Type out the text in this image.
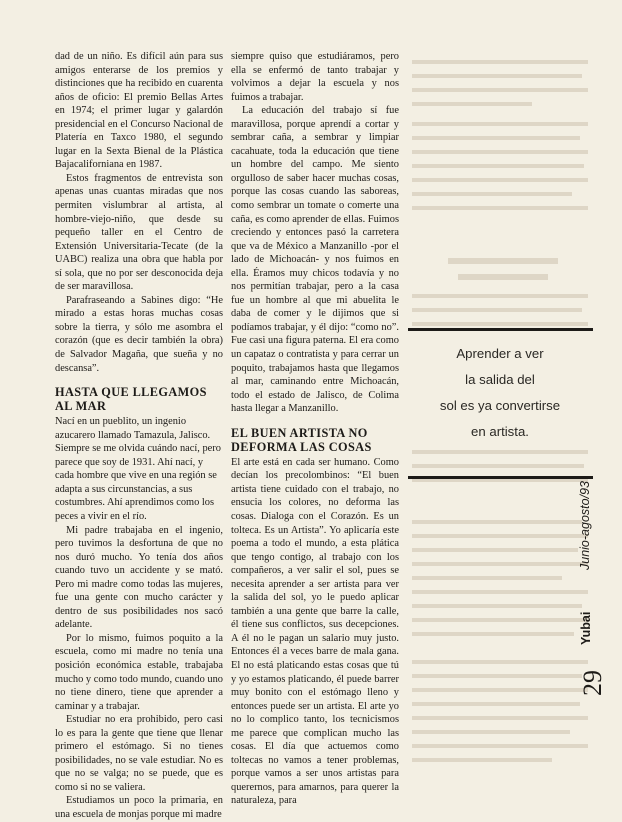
dad de un niño. Es difícil aún para sus amigos enterarse de los premios y distinciones que ha recibido en cuarenta años de oficio: El premio Bellas Artes en 1974; el primer lugar y galardón presidencial en el Concurso Nacional de Platería en Taxco 1980, el segundo lugar en la Sexta Bienal de la Plástica Bajacaliforniana en 1987.

Estos fragmentos de entrevista son apenas unas cuantas miradas que nos permiten vislumbrar al artista, al hombre-viejo-niño, que desde su pequeño taller en el Centro de Extensión Universitaria-Tecate (de la UABC) realiza una obra que habla por sí sola, que no por ser desconocida deja de ser maravillosa.

Parafraseando a Sabines digo: “He mirado a estas horas muchas cosas sobre la tierra, y sólo me asombra el corazón (que es decir también la obra) de Salvador Magaña, que sueña y no descansa”.

HASTA QUE LLEGAMOS AL MAR

Nací en un pueblito, un ingenio azucarero llamado Tamazula, Jalisco. Siempre se me olvida cuándo nací, pero parece que soy de 1931. Ahí nací, y cada hombre que vive en una región se adapta a sus circunstancias, a sus costumbres. Ahí aprendimos como los peces a vivir en el río.

Mi padre trabajaba en el ingenio, pero tuvimos la desfortuna de que no nos duró mucho. Yo tenía dos años cuando tuvo un accidente y se mató. Pero mi madre como todas las mujeres, fue una gente con mucho carácter y dentro de sus posibilidades nos sacó adelante.

Por lo mismo, fuimos poquito a la escuela, como mi madre no tenía una posición económica estable, trabajaba mucho y como todo mundo, cuando uno no tiene dinero, tiene que aprender a caminar y a trabajar.

Estudiar no era prohibido, pero casi lo es para la gente que tiene que llenar primero el estómago. Si no tienes posibilidades, no se vale estudiar. No es que no se valga; no se puede, que es como si no se valiera.

Estudiamos un poco la primaria, en una escuela de monjas porque mi madre

siempre quiso que estudiáramos, pero ella se enfermó de tanto trabajar y volvimos a dejar la escuela y nos fuimos a trabajar.

La educación del trabajo sí fue maravillosa, porque aprendí a cortar y sembrar caña, a sembrar y limpiar cacahuate, toda la educación que tiene un hombre del campo. Me siento orgulloso de saber hacer muchas cosas, porque las cosas cuando las saboreas, como sembrar un tomate o comerte una caña, es como aprender de ellas. Fuimos creciendo y entonces pasó la carretera que va de México a Manzanillo -por el lado de Michoacán- y nos fuimos en ella. Éramos muy chicos todavía y no nos permitían trabajar, pero a la casa fue un hombre al que mi abuelita le daba de comer y le dijimos que si podíamos trabajar, y él dijo: “como no”. Fue casi una figura paterna. El era como un capataz o contratista y para cerrar un poquito, trabajamos hasta que llegamos al mar, caminando entre Michoacán, todo el estado de Jalisco, de Colima hasta llegar a Manzanillo.

EL BUEN ARTISTA NO DEFORMA LAS COSAS

El arte está en cada ser humano. Como decían los precolombinos: “El buen artista tiene cuidado con el trabajo, no ensucia los colores, no deforma las cosas. Dialoga con el Corazón. Es un tolteca. Es un Artista”. Yo aplicaría este poema a todo el mundo, a esta plática que tengo contigo, al trabajo con los compañeros, a ver salir el sol, pues se necesita aprender a ser artista para ver la salida del sol, yo le puedo aplicar también a una gente que barre la calle, él tiene sus conflictos, sus decepciones. A él no le pagan un salario muy justo. Entonces él a veces barre de mala gana. El no está platicando estas cosas que tú y yo estamos platicando, él puede barrer muy bonito con el estómago lleno y entonces puede ser un artista. El arte yo no lo complico tanto, los tecnicismos me parece que complican mucho las cosas. El día que actuemos como toltecas no vamos a tener problemas, porque vamos a ser unos artistas para querernos, para amarnos, para querer la naturaleza, para

Aprender a ver
la salida del
sol es ya convertirse
en artista.
Junio-agosto/93
Yubai
29
